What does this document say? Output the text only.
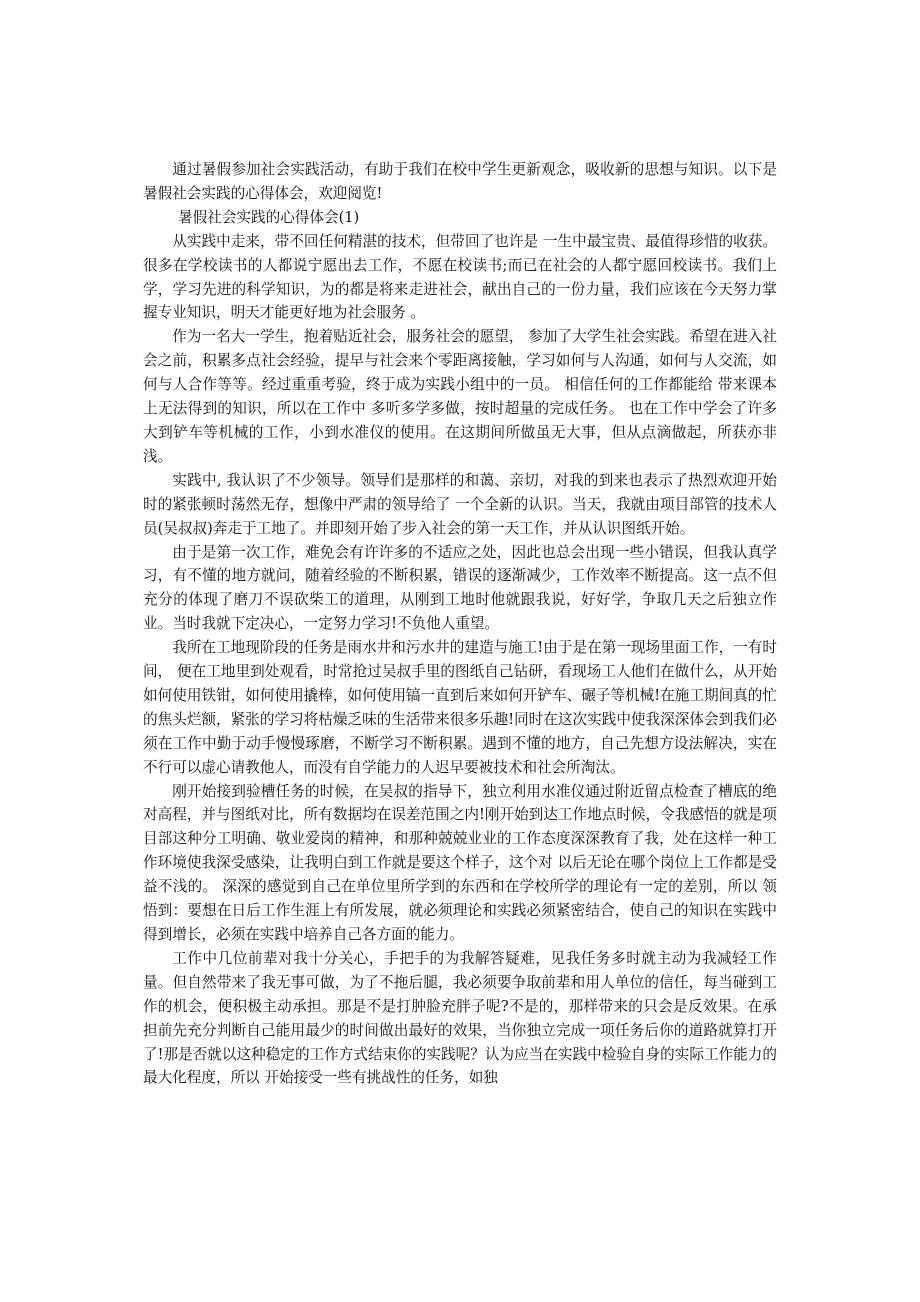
通过暑假参加社会实践活动，有助于我们在校中学生更新观念，吸收新的思想与知识。以下是暑假社会实践的心得体会，欢迎阅览!

暑假社会实践的心得体会(1)

从实践中走来，带不回任何精湛的技术，但带回了也许是 一生中最宝贵、最值得珍惜的收获。很多在学校读书的人都说宁愿出去工作，不愿在校读书;而已在社会的人都宁愿回校读书。我们上学，学习先进的科学知识，为的都是将来走进社会，献出自己的一份力量，我们应该在今天努力掌握专业知识，明天才能更好地为社会服务 。

作为一名大一学生，抱着贴近社会，服务社会的愿望， 参加了大学生社会实践。希望在进入社会之前，积累多点社会经验，提早与社会来个零距离接触，学习如何与人沟通，如何与人交流，如何与人合作等等。经过重重考验，终于成为实践小组中的一员。 相信任何的工作都能给 带来课本上无法得到的知识，所以在工作中 多听多学多做，按时超量的完成任务。 也在工作中学会了许多大到铲车等机械的工作，小到水准仪的使用。在这期间所做虽无大事，但从点滴做起，所获亦非浅。

实践中, 我认识了不少领导。领导们是那样的和蔼、亲切，对我的到来也表示了热烈欢迎开始时的紧张顿时荡然无存，想像中严肃的领导给了 一个全新的认识。当天，我就由项目部管的技术人员(吴叔叔)奔走于工地了。并即刻开始了步入社会的第一天工作，并从认识图纸开始。

由于是第一次工作，难免会有许许多的不适应之处，因此也总会出现一些小错误，但我认真学习，有不懂的地方就问，随着经验的不断积累，错误的逐渐减少，工作效率不断提高。这一点不但充分的体现了磨刀不误砍柴工的道理，从刚到工地时他就跟我说，好好学，争取几天之后独立作业。当时我就下定决心，一定努力学习!不负他人重望。

我所在工地现阶段的任务是雨水井和污水井的建造与施工!由于是在第一现场里面工作，一有时间， 便在工地里到处观看，时常抢过吴叔手里的图纸自己钻研，看现场工人他们在做什么，从开始如何使用铁钳，如何使用撬棒，如何使用镐一直到后来如何开铲车、碾子等机械!在施工期间真的忙的焦头烂额，紧张的学习将枯燥乏味的生活带来很多乐趣!同时在这次实践中使我深深体会到我们必须在工作中勤于动手慢慢琢磨，不断学习不断积累。遇到不懂的地方，自己先想方设法解决，实在不行可以虚心请教他人，而没有自学能力的人迟早要被技术和社会所淘汰。

刚开始接到验槽任务的时候，在吴叔的指导下，独立利用水准仪通过附近留点检查了槽底的绝对高程，并与图纸对比，所有数据均在误差范围之内!刚开始到达工作地点时候，令我感悟的就是项目部这种分工明确、敬业爱岗的精神，和那种兢兢业业的工作态度深深教育了我，处在这样一种工作环境使我深受感染，让我明白到工作就是要这个样子，这个对 以后无论在哪个岗位上工作都是受益不浅的。 深深的感觉到自己在单位里所学到的东西和在学校所学的理论有一定的差别，所以 领悟到：要想在日后工作生涯上有所发展，就必须理论和实践必须紧密结合，使自己的知识在实践中得到增长，必须在实践中培养自己各方面的能力。

工作中几位前辈对我十分关心，手把手的为我解答疑难，见我任务多时就主动为我减轻工作量。但自然带来了我无事可做，为了不拖后腿，我必须要争取前辈和用人单位的信任，每当碰到工作的机会，便积极主动承担。那是不是打肿脸充胖子呢?不是的，那样带来的只会是反效果。在承担前先充分判断自己能用最少的时间做出最好的效果，当你独立完成一项任务后你的道路就算打开了!那是否就以这种稳定的工作方式结束你的实践呢？认为应当在实践中检验自身的实际工作能力的最大化程度，所以 开始接受一些有挑战性的任务，如独
